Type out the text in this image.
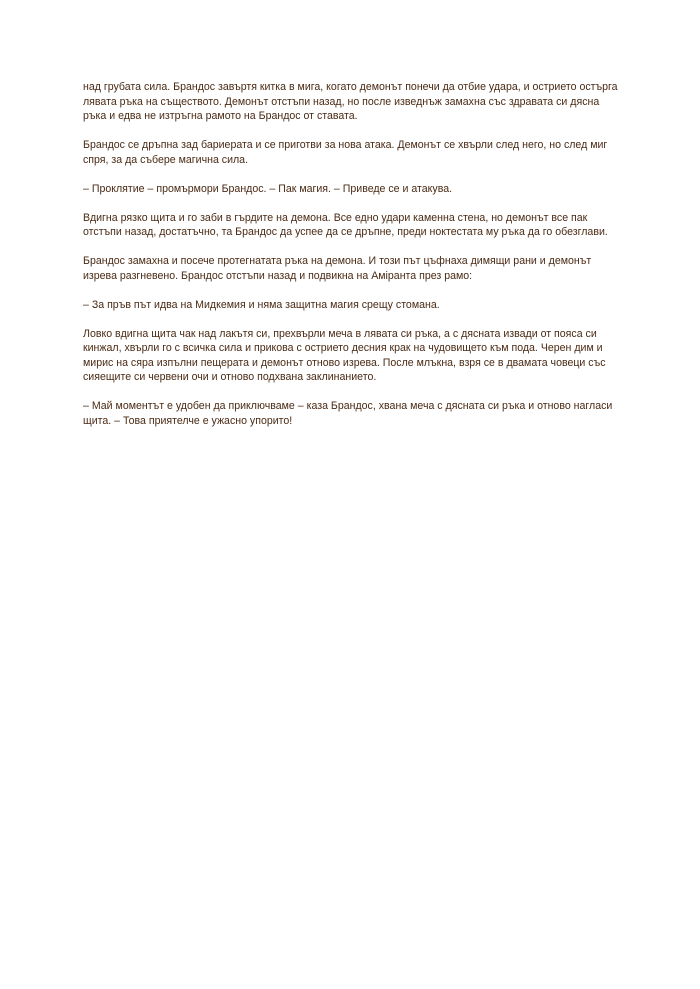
над грубата сила. Брандос завъртя китка в мига, когато демонът понечи да отбие удара, и острието остърга лявата ръка на съществото. Демонът отстъпи назад, но после изведнъж замахна със здравата си дясна ръка и едва не изтръгна рамото на Брандос от ставата.

Брандос се дръпна зад бариерата и се приготви за нова атака. Демонът се хвърли след него, но след миг спря, за да събере магична сила.

– Проклятие – промърмори Брандос. – Пак магия. – Приведе се и атакува.

Вдигна рязко щита и го заби в гърдите на демона. Все едно удари каменна стена, но демонът все пак отстъпи назад, достатъчно, та Брандос да успее да се дръпне, преди ноктестата му ръка да го обезглави.

Брандос замахна и посече протегнатата ръка на демона. И този път цъфнаха димящи рани и демонът изрева разгневено. Брандос отстъпи назад и подвикна на Аміранта през рамо:

– За пръв път идва на Мидкемия и няма защитна магия срещу стомана.

Ловко вдигна щита чак над лакътя си, прехвърли меча в лявата си ръка, а с дясната извади от пояса си кинжал, хвърли го с всичка сила и прикова с острието десния крак на чудовището към пода. Черен дим и мирис на сяра изпълни пещерата и демонът отново изрева. После млъкна, взря се в двамата човеци със сияещите си червени очи и отново подхвана заклинанието.

– Май моментът е удобен да приключваме – каза Брандос, хвана меча с дясната си ръка и отново нагласи щита. – Това приятелче е ужасно упорито!
